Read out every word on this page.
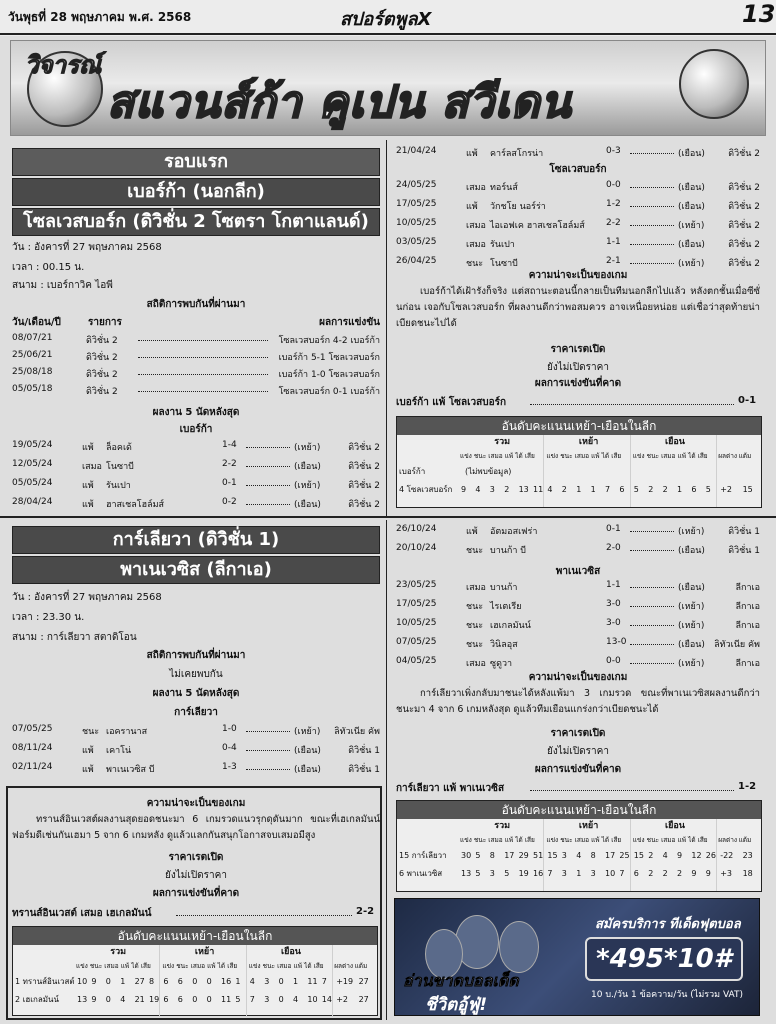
วันพุธที่ 28 พฤษภาคม พ.ศ. 2568	สปอร์ตพูลX	13
วิจารณ์
สแวนส์ก้า คูเปน สวีเดน
รอบแรก
เบอร์ก้า (นอกลีก)
โซลเวสบอร์ก (ดิวิชั่น 2 โซตรา โกตาแลนด์)
วัน : อังคารที่ 27 พฤษภาคม 2568
เวลา : 00.15 น.
สนาม : เบอร์กาวิค ไอพี
สถิติการพบกันที่ผ่านมา
วัน/เดือน/ปี	รายการ	ผลการแข่งขัน
ผลงาน 5 นัดหลังสุด
เบอร์ก้า
โซลเวสบอร์ก
ความน่าจะเป็นของเกม
เบอร์ก้าได้เฝ้ารังก็จริง แต่สถานะตอนนี้กลายเป็นทีมนอกลีกไปแล้ว หลังตกชั้นเมื่อซีซั่นก่อน เจอกับโซลเวสบอร์ก ที่ผลงานดีกว่าพอสมควร อาจเหนื่อยหน่อย แต่เชื่อว่าสุดท้ายน่าเบียดชนะไปได้
ราคาเรตเปิด
ยังไม่เปิดราคา
ผลการแข่งขันที่คาด
เบอร์ก้า แพ้ โซลเวสบอร์ก	0-1
อันดับคะแนนเหย้า-เยือนในลีก
รวม
แข่ง ชนะ เสมอ แพ้ ได้ เสีย
เหย้า
แข่ง ชนะ เสมอ แพ้ ได้ เสีย
เยือน
แข่ง ชนะ เสมอ แพ้ ได้ เสีย	ผลต่าง แต้ม
เบอร์ก้า	(ไม่พบข้อมูล)
4 โซลเวสบอร์ก 9 4 3 2 13 11 4 2 1 1 7 6 5 2 2 1 6 5 +2 15
การ์เลียวา (ดิวิชั่น 1)
พาเนเวซิส (ลีกาเอ)
วัน : อังคารที่ 27 พฤษภาคม 2568
เวลา : 23.30 น.
สนาม : การ์เลียวา สตาดิโอน
สถิติการพบกันที่ผ่านมา
ไม่เคยพบกัน
ผลงาน 5 นัดหลังสุด
การ์เลียวา
ความน่าจะเป็นของเกม
ทรานส์อินเวสต์ผลงานสุดยอดชนะมา 6 เกมรวดแนวรุกดุดันมาก ขณะที่เฮเกลมันน์ฟอร์มดีเช่นกันเฮมา 5 จาก 6 เกมหลัง ดูแล้วแลกกันสนุกโอกาสจบเสมอมีสูง
ราคาเรตเปิด
ยังไม่เปิดราคา
ผลการแข่งขันที่คาด
ทรานส์อินเวสต์ เสมอ เฮเกลมันน์	2-2
อันดับคะแนนเหย้า-เยือนในลีก
รวม
แข่ง ชนะ เสมอ แพ้ ได้ เสีย
เหย้า
แข่ง ชนะ เสมอ แพ้ ได้ เสีย
เยือน
แข่ง ชนะ เสมอ แพ้ ได้ เสีย	ผลต่าง แต้ม
1 ทรานส์อินเวสต์ 10 9 0 1 27 8 6 6 0 0 16 1 4 3 0 1 11 7 +19 27
2 เฮเกลมันน์ 13 9 0 4 21 19 6 6 0 0 11 5 7 3 0 4 10 14 +2 27
พาเนเวซิส
ความน่าจะเป็นของเกม
การ์เลียวาเพิ่งกลับมาชนะได้หลังแพ้มา 3 เกมรวด ขณะที่พาเนเวซิสผลงานดีกว่า ชนะมา 4 จาก 6 เกมหลังสุด ดูแล้วทีมเยือนแกร่งกว่าเบียดชนะได้
ราคาเรตเปิด
ยังไม่เปิดราคา
ผลการแข่งขันที่คาด
การ์เลียวา แพ้ พาเนเวซิส	1-2
อันดับคะแนนเหย้า-เยือนในลีก
รวม
แข่ง ชนะ เสมอ แพ้ ได้ เสีย
เหย้า
แข่ง ชนะ เสมอ แพ้ ได้ เสีย
เยือน
แข่ง ชนะ เสมอ แพ้ ได้ เสีย	ผลต่าง แต้ม
15 การ์เลียวา 30 5 8 17 29 51 15 3 4 8 17 25 15 2 4 9 12 26 -22 23
6 พาเนเวซิส 13 5 3 5 19 16 7 3 1 3 10 7 6 2 2 2 9 9 +3 18
สมัครบริการ ทีเด็ดฟุตบอล
*495*10#
10 บ./วัน 1 ข้อความ/วัน (ไม่รวม VAT)
อ่านขาดบอลเด็ด
ชีวิตอู้ฟู่!
08/07/21	ดิวิชั่น 2	โซลเวสบอร์ก 4-2 เบอร์ก้า
25/06/21	ดิวิชั่น 2	เบอร์ก้า 5-1 โซลเวสบอร์ก
25/08/18	ดิวิชั่น 2	เบอร์ก้า 1-0 โซลเวสบอร์ก
05/05/18	ดิวิชั่น 2	โซลเวสบอร์ก 0-1 เบอร์ก้า
19/05/24	แพ้ ล็อคเด้	1-4	(เหย้า)	ดิวิชั่น 2
12/05/24	เสมอ โนซาบี	2-2	(เยือน)	ดิวิชั่น 2
05/05/24	แพ้ รันเปา	0-1	(เหย้า)	ดิวิชั่น 2
28/04/24	แพ้ ฮาสเชลโฮล์มส์	0-2	(เยือน)	ดิวิชั่น 2
21/04/24	แพ้ คาร์ลสโกรน่า	0-3	(เยือน)	ดิวิชั่น 2
24/05/25	เสมอ ทอร์นส์	0-0	(เยือน)	ดิวิชั่น 2
17/05/25	แพ้ วักชโย นอร์ร่า	1-2	(เยือน)	ดิวิชั่น 2
10/05/25	เสมอ ไอเอฟเค ฮาสเชลโฮล์มส์ 2-2	(เหย้า)	ดิวิชั่น 2
03/05/25	เสมอ รันเปา	1-1	(เยือน)	ดิวิชั่น 2
26/04/25	ชนะ โนซาบี	2-1	(เหย้า)	ดิวิชั่น 2
07/05/25	ชนะ เอครานาส	1-0	(เหย้า) ลิทัวเนีย คัพ
08/11/24	แพ้ เคาโน่	0-4	(เยือน)	ดิวิชั่น 1
02/11/24	แพ้ พาเนเวซิส บี	1-3	(เยือน)	ดิวิชั่น 1
26/10/24	แพ้ อัตมอสเฟร่า	0-1	(เหย้า)	ดิวิชั่น 1
20/10/24	ชนะ บานก้า บี	2-0	(เยือน)	ดิวิชั่น 1
23/05/25	เสมอ บานก้า	1-1	(เยือน)	ลีกาเอ
17/05/25	ชนะ ไรเตเรีย	3-0	(เหย้า)	ลีกาเอ
10/05/25	ชนะ เฮเกลมันน์	3-0	(เหย้า)	ลีกาเอ
07/05/25	ชนะ วินิลอุส	13-0	(เยือน) ลิทัวเนีย คัพ
04/05/25	เสมอ ซูดูวา	0-0	(เหย้า)	ลีกาเอ
